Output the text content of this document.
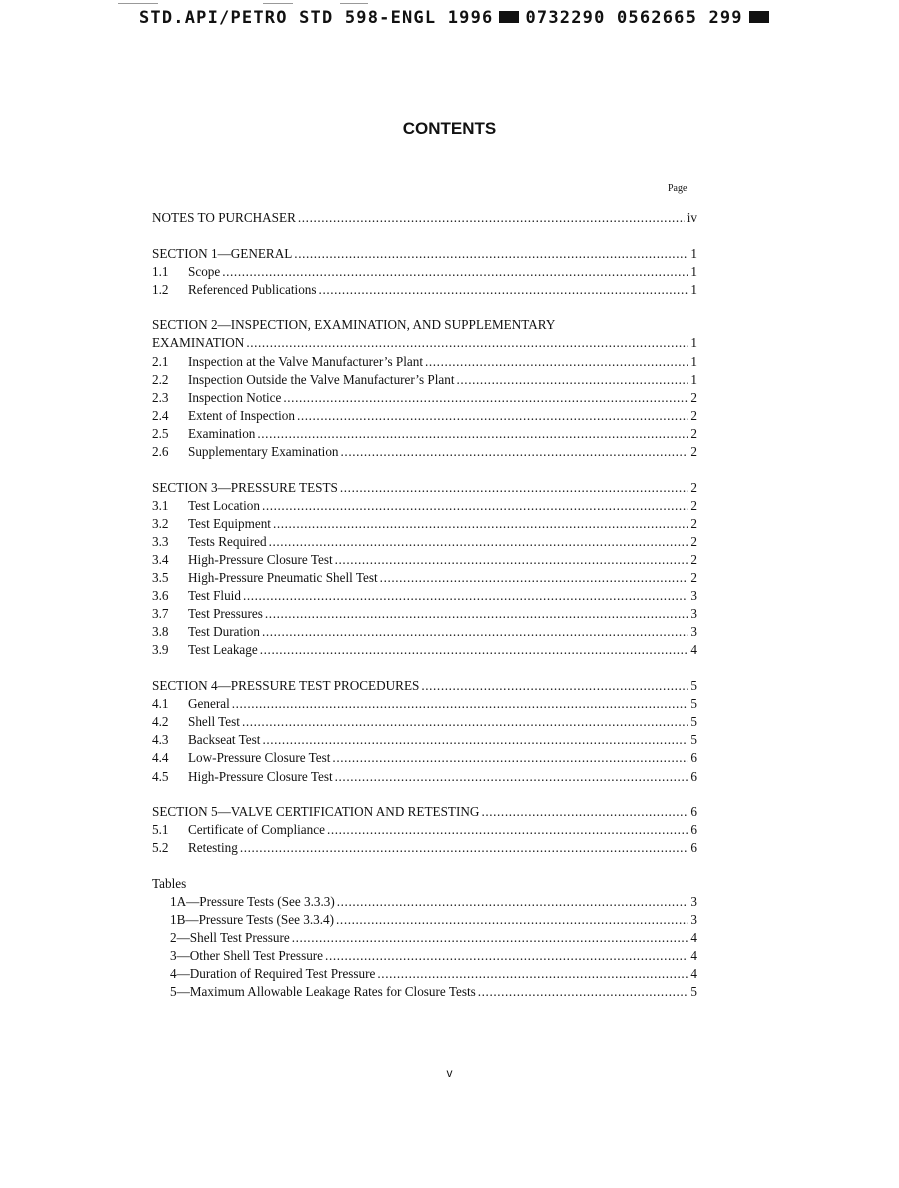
STD.API/PETRO STD 598-ENGL 1996 0732290 0562665 299
CONTENTS
Page
NOTES TO PURCHASER .....	iv
SECTION 1—GENERAL .....	1
1.1	Scope .....	1
1.2	Referenced Publications .....	1
SECTION 2—INSPECTION, EXAMINATION, AND SUPPLEMENTARY
EXAMINATION .....	1
2.1	Inspection at the Valve Manufacturer’s Plant .....	1
2.2	Inspection Outside the Valve Manufacturer’s Plant .....	1
2.3	Inspection Notice .....	2
2.4	Extent of Inspection .....	2
2.5	Examination .....	2
2.6	Supplementary Examination .....	2
SECTION 3—PRESSURE TESTS .....	2
3.1	Test Location .....	2
3.2	Test Equipment .....	2
3.3	Tests Required .....	2
3.4	High-Pressure Closure Test .....	2
3.5	High-Pressure Pneumatic Shell Test .....	2
3.6	Test Fluid .....	3
3.7	Test Pressures .....	3
3.8	Test Duration .....	3
3.9	Test Leakage .....	4
SECTION 4—PRESSURE TEST PROCEDURES .....	5
4.1	General .....	5
4.2	Shell Test .....	5
4.3	Backseat Test .....	5
4.4	Low-Pressure Closure Test .....	6
4.5	High-Pressure Closure Test .....	6
SECTION 5—VALVE CERTIFICATION AND RETESTING .....	6
5.1	Certificate of Compliance .....	6
5.2	Retesting .....	6
Tables
1A—Pressure Tests (See 3.3.3) .....	3
1B—Pressure Tests (See 3.3.4) .....	3
2—Shell Test Pressure .....	4
3—Other Shell Test Pressure .....	4
4—Duration of Required Test Pressure .....	4
5—Maximum Allowable Leakage Rates for Closure Tests .....	5
v
